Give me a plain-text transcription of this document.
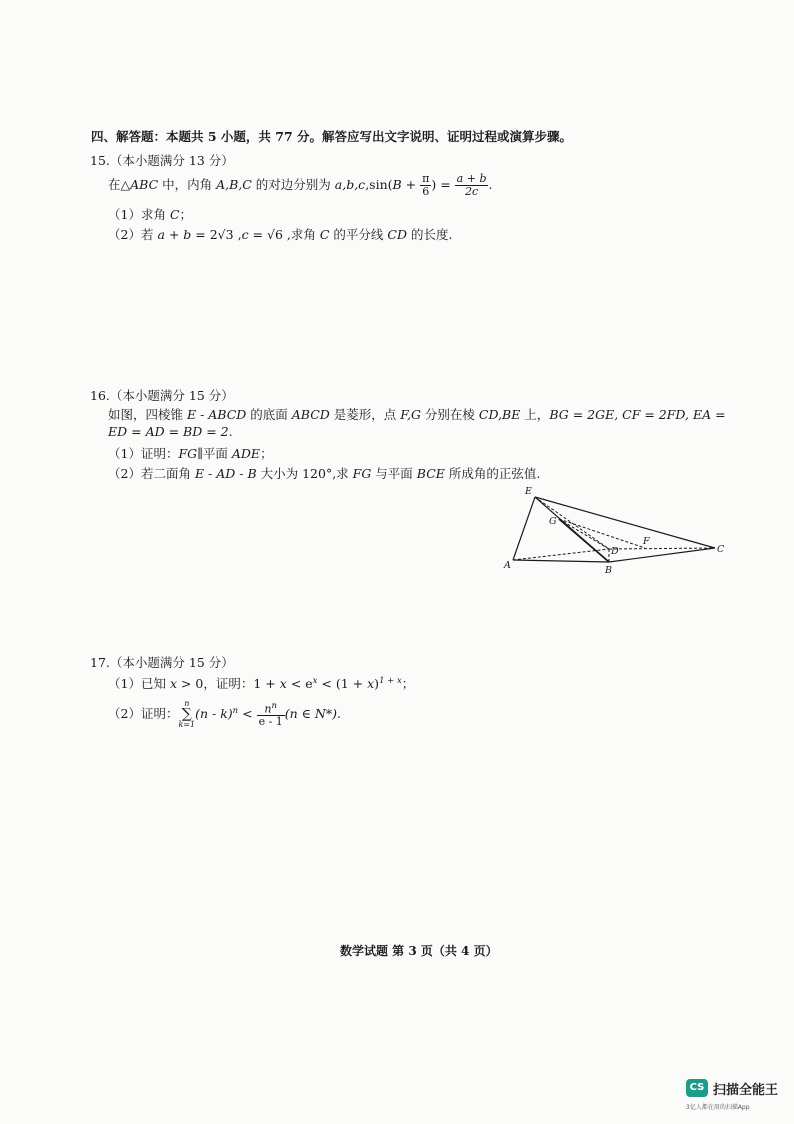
四、解答题：本题共 5 小题，共 77 分。解答应写出文字说明、证明过程或演算步骤。
15.（本小题满分 13 分）
在△ABC 中，内角 A,B,C 的对边分别为 $a,b,c,\sin(B + \frac{\pi}{6}$ ) = $\frac{a + b}{2c}$ .
（1）求角 C；
（2）若 a + b = 2√3 ,c = √6 ,求角 C 的平分线 CD 的长度.
16.（本小题满分 15 分）
如图，四棱锥 E - ABCD 的底面 ABCD 是菱形，点 F,G 分别在棱 CD,BE 上，BG = 2GE, CF = 2FD, EA =
ED = AD = BD = 2.
（1）证明：FG∥平面 ADE；
（2）若二面角 E - AD - B 大小为 120°,求 FG 与平面 BCE 所成角的正弦值.
E
G
D
F
C
A	B
17.（本小题满分 15 分）
（1）已知 x > 0，证明：$1 + x < e^x < (1 + x)^{1 + x}$；
（2）证明：
n
∑
k=1
$(n - k)^n < \frac{n^n}{e - 1} (n$ ∈ N*).
数学试题 第 3 页（共 4 页）
CS 扫描全能王
3亿人都在用的扫描App
